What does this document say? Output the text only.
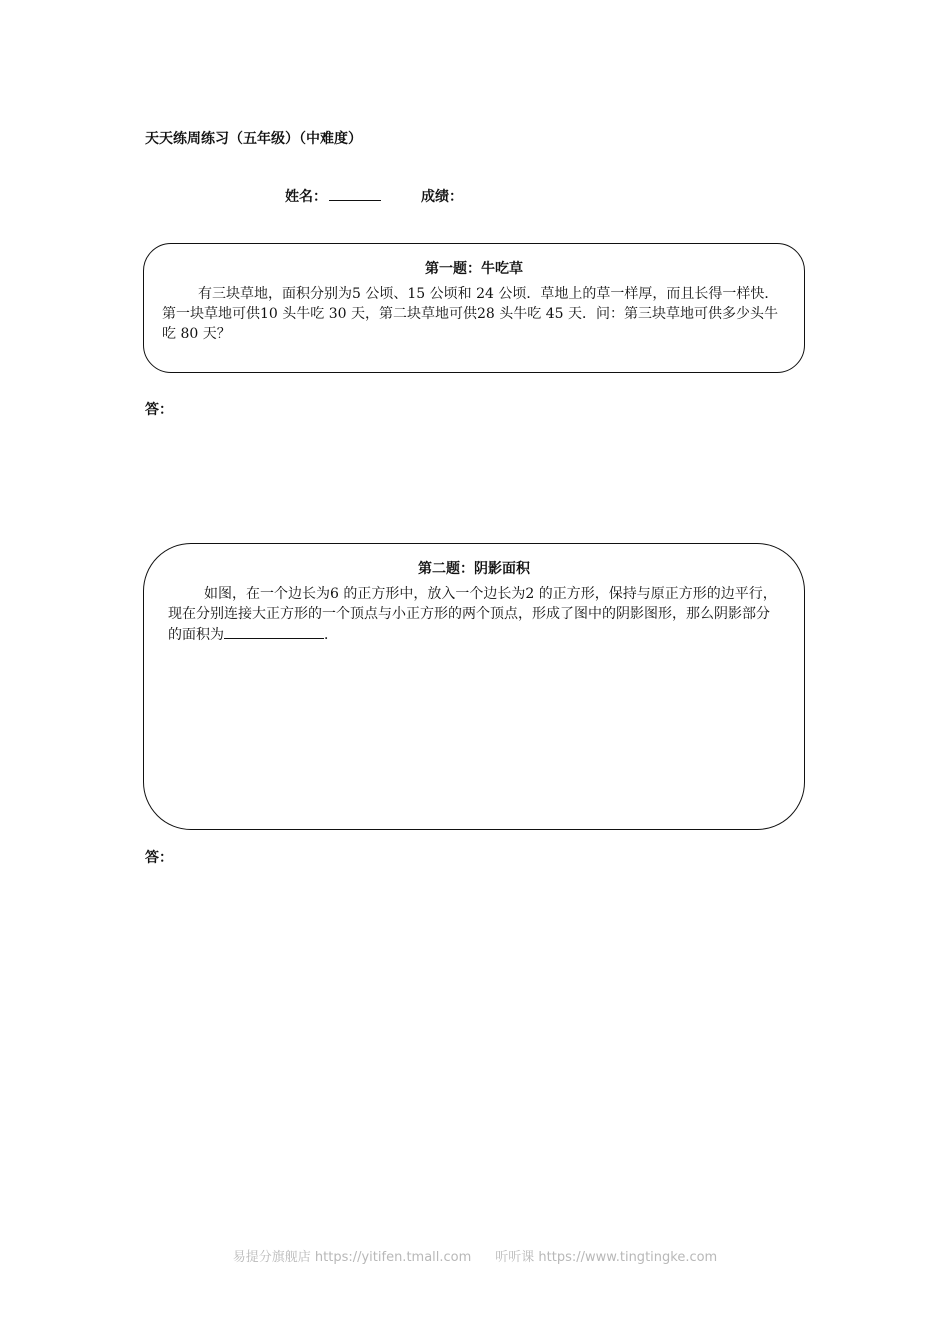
天天练周练习（五年级）（中难度）
姓名：	成绩：
第一题：牛吃草
有三块草地，面积分别为5 公顷、15 公顷和 24 公顷．草地上的草一样厚，而且长得一样快．第一块草地可供10 头牛吃 30 天，第二块草地可供28 头牛吃 45 天．问：第三块草地可供多少头牛吃 80 天？
答：
第二题：阴影面积
如图，在一个边长为6 的正方形中，放入一个边长为2 的正方形，保持与原正方形的边平行，现在分别连接大正方形的一个顶点与小正方形的两个顶点，形成了图中的阴影图形，那么阴影部分的面积为	．
答：
易提分旗舰店 https://yitifen.tmall.com 听听课 https://www.tingtingke.com
